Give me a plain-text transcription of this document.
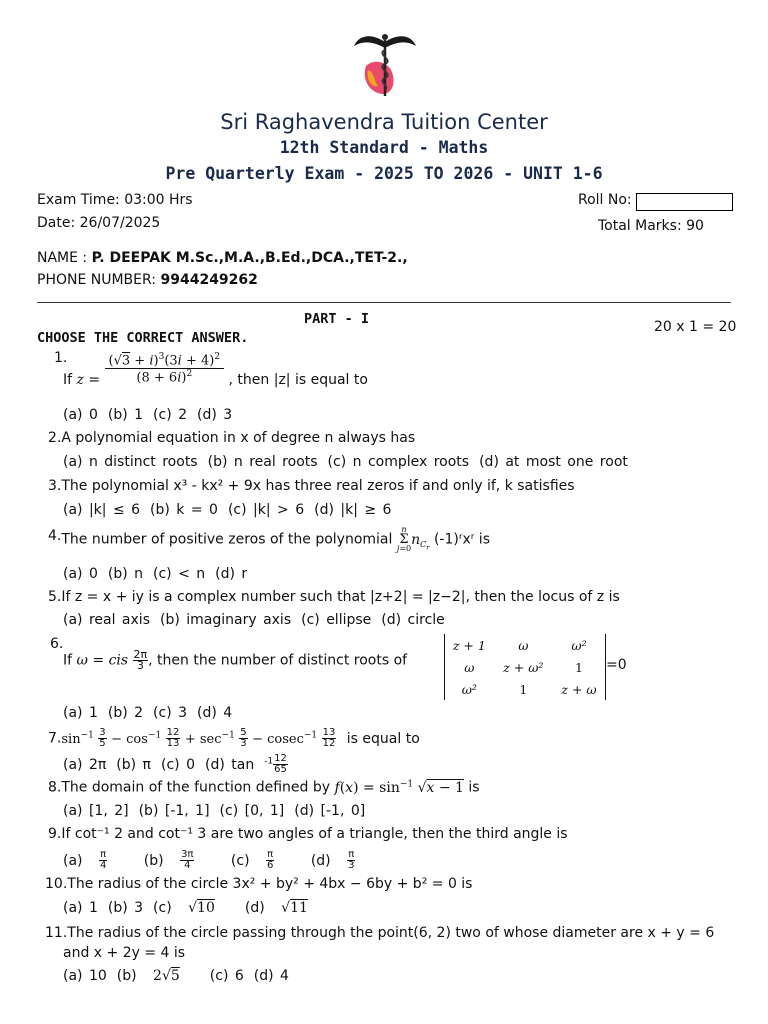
Sri Raghavendra Tuition Center
12th Standard - Maths
Pre Quarterly Exam - 2025 TO 2026 - UNIT 1-6
Exam Time: 03:00 Hrs
Date: 26/07/2025
Roll No:
Total Marks: 90
NAME : P. DEEPAK M.Sc.,M.A.,B.Ed.,DCA.,TET-2.,
PHONE NUMBER: 9944249262
PART - I
CHOOSE THE CORRECT ANSWER.
20 x 1 = 20
1.
If $z = \frac{(√3 + i)^3(3i + 4)^2}{(8 + 6i)^2}$ , then |z| is equal to
(a) 0 (b) 1 (c) 2 (d) 3
2.A polynomial equation in x of degree n always has
(a) n distinct roots (b) n real roots (c) n complex roots (d) at most one root
3.The polynomial x³ - kx² + 9x has three real zeros if and only if, k satisfies
(a) |k| ≤ 6 (b) k = 0 (c) |k| > 6 (d) |k| ≥ 6
4.The number of positive zeros of the polynomial
n
Σ
j=0
$n_{C_r}$ (-1)ʳxʳ is
(a) 0 (b) n (c) < n (d) r
5.If z = x + iy is a complex number such that |z+2| = |z−2|, then the locus of z is
(a) real axis (b) imaginary axis (c) ellipse (d) circle
6.
If ω = cis $\frac{2\pi}{3}$ , then the number of distinct roots of
z + 1	ω	ω²
ω	z + ω²	1
ω²	1	z + ω
=0
(a) 1 (b) 2 (c) 3 (d) 4
$7.\sin^{-1} \frac{3}{5} - \cos^{-1} \frac{12}{13} + \sec^{-1} \frac{5}{3} - cosec^{-1} \frac{13}{12}$ is equal to
(a) 2π (b) π (c) 0 (d) $\tan ^{-1} \frac{12}{65}$
8.The domain of the function defined by $f(x) = \sin^{-1} √x - 1$ is
(a) [1, 2] (b) [-1, 1] (c) [0, 1] (d) [-1, 0]
9.If cot⁻¹ 2 and cot⁻¹ 3 are two angles of a triangle, then the third angle is
$(a) \frac{\pi}{4} (b) \frac{3\pi}{4} (c) \frac{\pi}{6} (d) \frac{\pi}{3}$
10.The radius of the circle 3x² + by² + 4bx − 6by + b² = 0 is
(a) 1 (b) 3 (c) √10 (d) √11
11.The radius of the circle passing through the point(6, 2) two of whose diameter are x + y = 6
and x + 2y = 4 is
(a) 10 (b) 2√5 (c) 6 (d) 4
